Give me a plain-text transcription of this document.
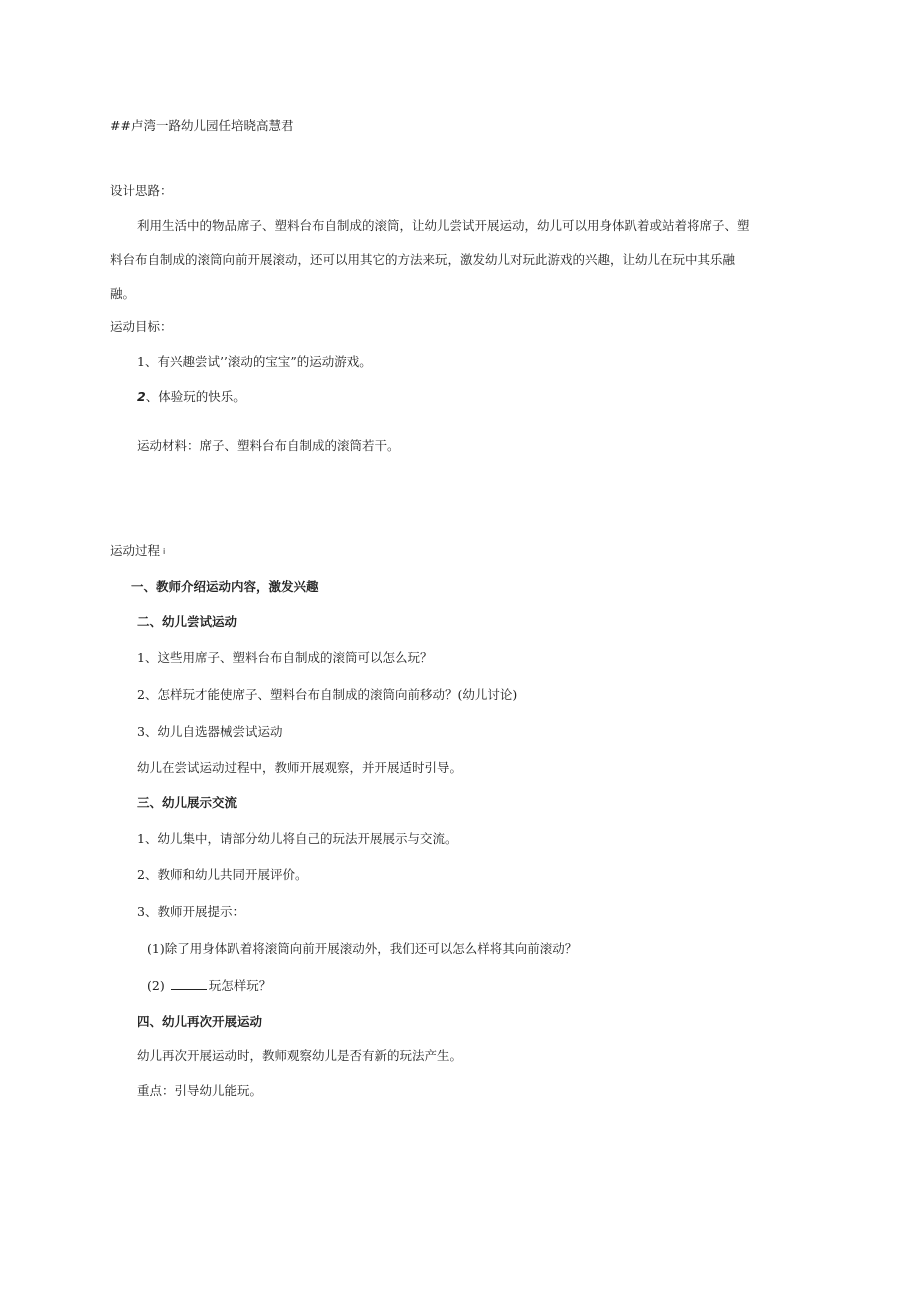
##卢湾一路幼儿园任培晓高慧君
设计思路：
利用生活中的物品席子、塑料台布自制成的滚筒，让幼儿尝试开展运动，幼儿可以用身体趴着或站着将席子、塑
料台布自制成的滚筒向前开展滚动，还可以用其它的方法来玩，激发幼儿对玩此游戏的兴趣，让幼儿在玩中其乐融
融。
运动目标：
1、有兴趣尝试’’滚动的宝宝”的运动游戏。
2、体验玩的快乐。
运动材料：席子、塑料台布自制成的滚筒若干。
运动过程 i
一、教师介绍运动内容，激发兴趣
二、幼儿尝试运动
1、这些用席子、塑料台布自制成的滚筒可以怎么玩？
2、怎样玩才能使席子、塑料台布自制成的滚筒向前移动？(幼儿讨论)
3、幼儿自选器械尝试运动
幼儿在尝试运动过程中，教师开展观察，并开展适时引导。
三、幼儿展示交流
1、幼儿集中，请部分幼儿将自己的玩法开展展示与交流。
2、教师和幼儿共同开展评价。
3、教师开展提示：
(1)除了用身体趴着将滚筒向前开展滚动外，我们还可以怎么样将其向前滚动？
(2)	玩怎样玩？
四、幼儿再次开展运动
幼儿再次开展运动时，教师观察幼儿是否有新的玩法产生。
重点：引导幼儿能玩。
